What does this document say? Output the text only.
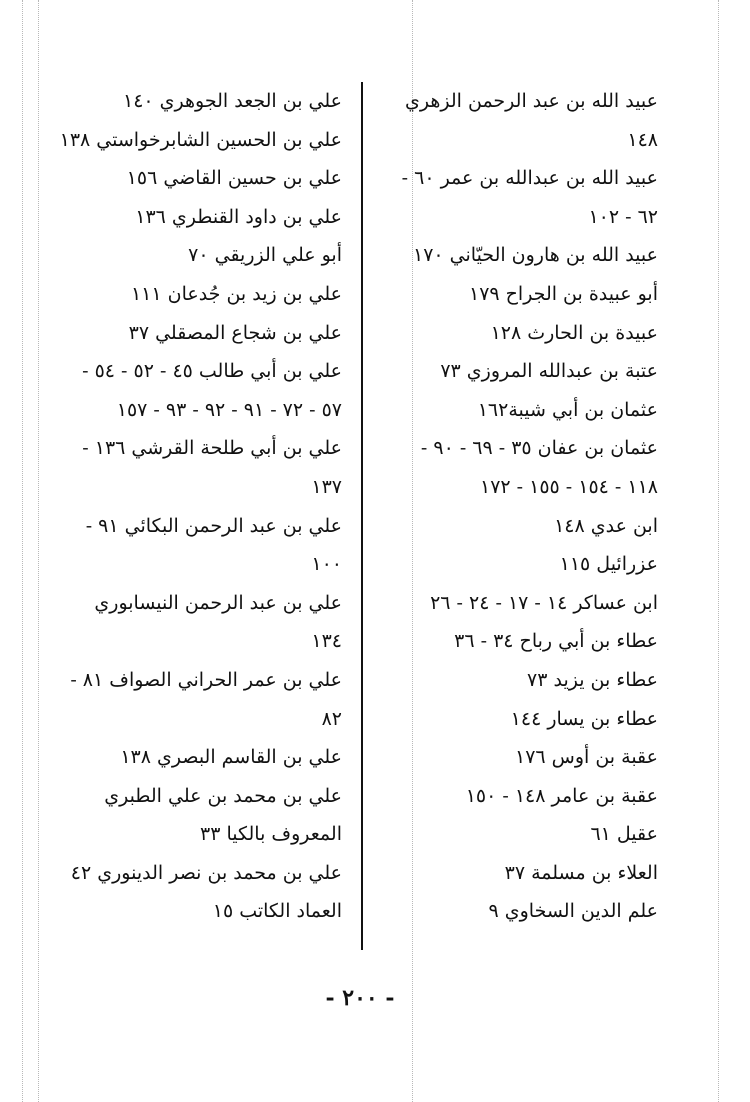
عبيد الله بن عبد الرحمن الزهري
١٤٨
عبيد الله بن عبدالله بن عمر ٦٠ -
٦٢ - ١٠٢
عبيد الله بن هارون الحيّاني ١٧٠
أبو عبيدة بن الجراح ١٧٩
عبيدة بن الحارث ١٢٨
عتبة بن عبدالله المروزي ٧٣
عثمان بن أبي شيبة١٦٢
عثمان بن عفان ٣٥ - ٦٩ - ٩٠ -
١١٨ - ١٥٤ - ١٥٥ - ١٧٢
ابن عدي ١٤٨
عزرائيل ١١٥
ابن عساكر ١٤ - ١٧ - ٢٤ - ٢٦
عطاء بن أبي رباح ٣٤ - ٣٦
عطاء بن يزيد ٧٣
عطاء بن يسار ١٤٤
عقبة بن أوس ١٧٦
عقبة بن عامر ١٤٨ - ١٥٠
عقيل ٦١
العلاء بن مسلمة ٣٧
علم الدين السخاوي ٩
علي بن الجعد الجوهري ١٤٠
علي بن الحسين الشابرخواستي ١٣٨
علي بن حسين القاضي ١٥٦
علي بن داود القنطري ١٣٦
أبو علي الزريقي ٧٠
علي بن زيد بن جُدعان ١١١
علي بن شجاع المصقلي ٣٧
علي بن أبي طالب ٤٥ - ٥٢ - ٥٤ -
٥٧ - ٧٢ - ٩١ - ٩٢ - ٩٣ - ١٥٧
علي بن أبي طلحة القرشي ١٣٦ -
١٣٧
علي بن عبد الرحمن البكائي ٩١ -
١٠٠
علي بن عبد الرحمن النيسابوري
١٣٤
علي بن عمر الحراني الصواف ٨١ -
٨٢
علي بن القاسم البصري ١٣٨
علي بن محمد بن علي الطبري
المعروف بالكيا ٣٣
علي بن محمد بن نصر الدينوري ٤٢
العماد الكاتب ١٥
- ٢٠٠ -
